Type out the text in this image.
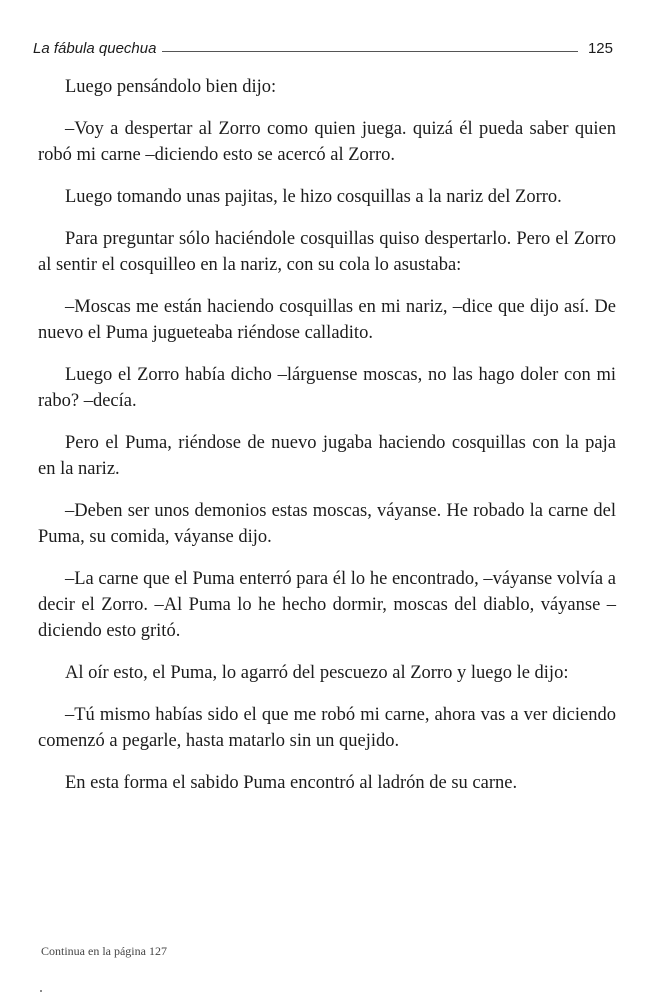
La fábula quechua	125

Luego pensándolo bien dijo:

–Voy a despertar al Zorro como quien juega. quizá él pueda saber quien robó mi carne –diciendo esto se acercó al Zorro.

Luego tomando unas pajitas, le hizo cosquillas a la nariz del Zorro.

Para preguntar sólo haciéndole cosquillas quiso despertarlo. Pero el Zorro al sentir el cosquilleo en la nariz, con su cola lo asustaba:

–Moscas me están haciendo cosquillas en mi nariz, –dice que dijo así. De nuevo el Puma jugueteaba riéndose calladito.

Luego el Zorro había dicho –lárguense moscas, no las hago doler con mi rabo? –decía.

Pero el Puma, riéndose de nuevo jugaba haciendo cosquillas con la paja en la nariz.

–Deben ser unos demonios estas moscas, váyanse. He robado la carne del Puma, su comida, váyanse dijo.

–La carne que el Puma enterró para él lo he encontrado, –váyanse volvía a decir el Zorro. –Al Puma lo he hecho dormir, moscas del diablo, váyanse –diciendo esto gritó.

Al oír esto, el Puma, lo agarró del pescuezo al Zorro y luego le dijo:

–Tú mismo habías sido el que me robó mi carne, ahora vas a ver diciendo comenzó a pegarle, hasta matarlo sin un quejido.

En esta forma el sabido Puma encontró al ladrón de su carne.

Continua en la página 127
